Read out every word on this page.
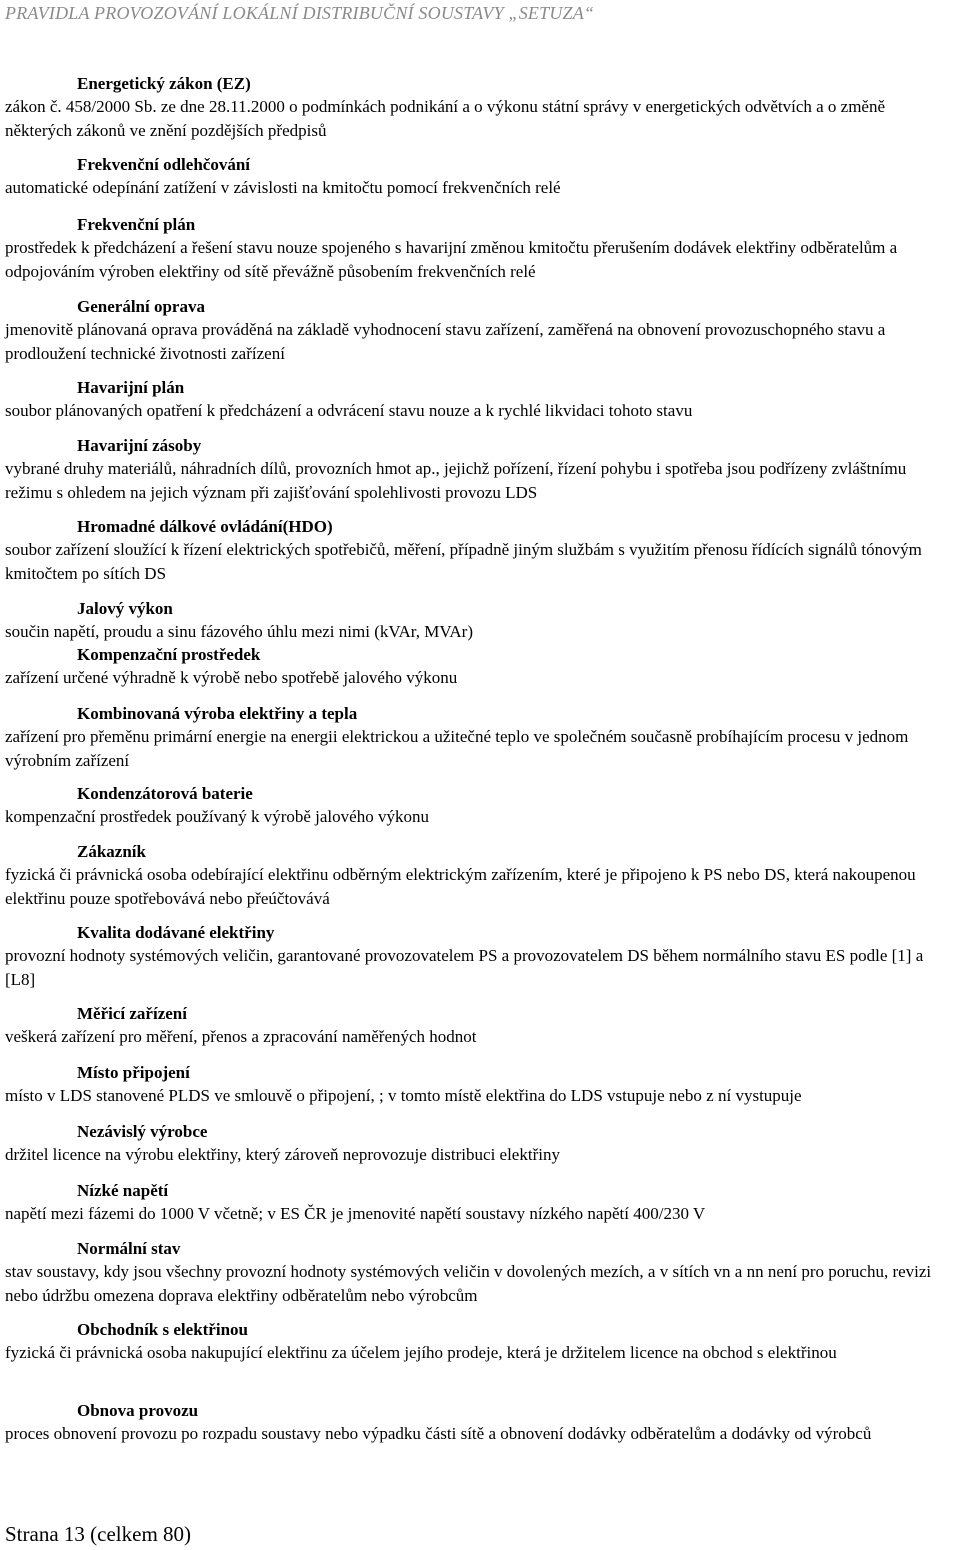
PRAVIDLA PROVOZOVÁNÍ LOKÁLNÍ DISTRIBUČNÍ SOUSTAVY „SETUZA“
Energetický zákon (EZ)
zákon č. 458/2000 Sb. ze dne 28.11.2000 o podmínkách podnikání a o výkonu státní správy v energetických odvětvích a o změně některých zákonů ve znění pozdějších předpisů
Frekvenční odlehčování
automatické odepínání zatížení v závislosti na kmitočtu pomocí frekvenčních relé
Frekvenční plán
prostředek k předcházení a řešení stavu nouze spojeného s havarijní změnou kmitočtu přerušením dodávek elektřiny odběratelům a odpojováním výroben elektřiny od sítě převážně působením frekvenčních relé
Generální oprava
jmenovitě plánovaná oprava prováděná na základě vyhodnocení stavu zařízení, zaměřená na obnovení provozuschopného stavu a prodloužení technické životnosti zařízení
Havarijní plán
soubor plánovaných opatření k předcházení a odvrácení stavu nouze a k rychlé likvidaci tohoto stavu
Havarijní zásoby
vybrané druhy materiálů, náhradních dílů, provozních hmot ap., jejichž pořízení, řízení pohybu i spotřeba jsou podřízeny zvláštnímu režimu s ohledem na jejich význam při zajišťování spolehlivosti provozu LDS
Hromadné dálkové ovládání(HDO)
soubor zařízení sloužící k řízení elektrických spotřebičů, měření, případně jiným službám s využitím přenosu řídících signálů tónovým kmitočtem po sítích DS
Jalový výkon
součin napětí, proudu a sinu fázového úhlu mezi nimi (kVAr, MVAr)
Kompenzační prostředek
zařízení určené výhradně k výrobě nebo spotřebě jalového výkonu
Kombinovaná výroba elektřiny a tepla
zařízení pro přeměnu primární energie na energii elektrickou a užitečné teplo ve společném současně probíhajícím procesu v jednom výrobním zařízení
Kondenzátorová baterie
kompenzační prostředek používaný k výrobě jalového výkonu
Zákazník
fyzická či právnická osoba odebírající elektřinu odběrným elektrickým zařízením, které je připojeno k PS nebo DS, která nakoupenou elektřinu pouze spotřebovává nebo přeúčtovává
Kvalita dodávané elektřiny
provozní hodnoty systémových veličin, garantované provozovatelem PS a provozovatelem DS během normálního stavu ES podle [1] a [L8]
Měřicí zařízení
veškerá zařízení pro měření, přenos a zpracování naměřených hodnot
Místo připojení
místo v LDS stanovené PLDS ve smlouvě o připojení, ; v tomto místě elektřina do LDS vstupuje nebo z ní vystupuje
Nezávislý výrobce
držitel licence na výrobu elektřiny, který zároveň neprovozuje distribuci elektřiny
Nízké napětí
napětí mezi fázemi do 1000 V včetně; v ES ČR je jmenovité napětí soustavy nízkého napětí 400/230 V
Normální stav
stav soustavy, kdy jsou všechny provozní hodnoty systémových veličin v dovolených mezích, a v sítích vn a nn není pro poruchu, revizi nebo údržbu omezena doprava elektřiny odběratelům nebo výrobcům
Obchodník s elektřinou
fyzická či právnická osoba nakupující elektřinu za účelem jejího prodeje, která je držitelem licence na obchod s elektřinou
Obnova provozu
proces obnovení provozu po rozpadu soustavy nebo výpadku části sítě a obnovení dodávky odběratelům a dodávky od výrobců
Strana 13 (celkem 80)
